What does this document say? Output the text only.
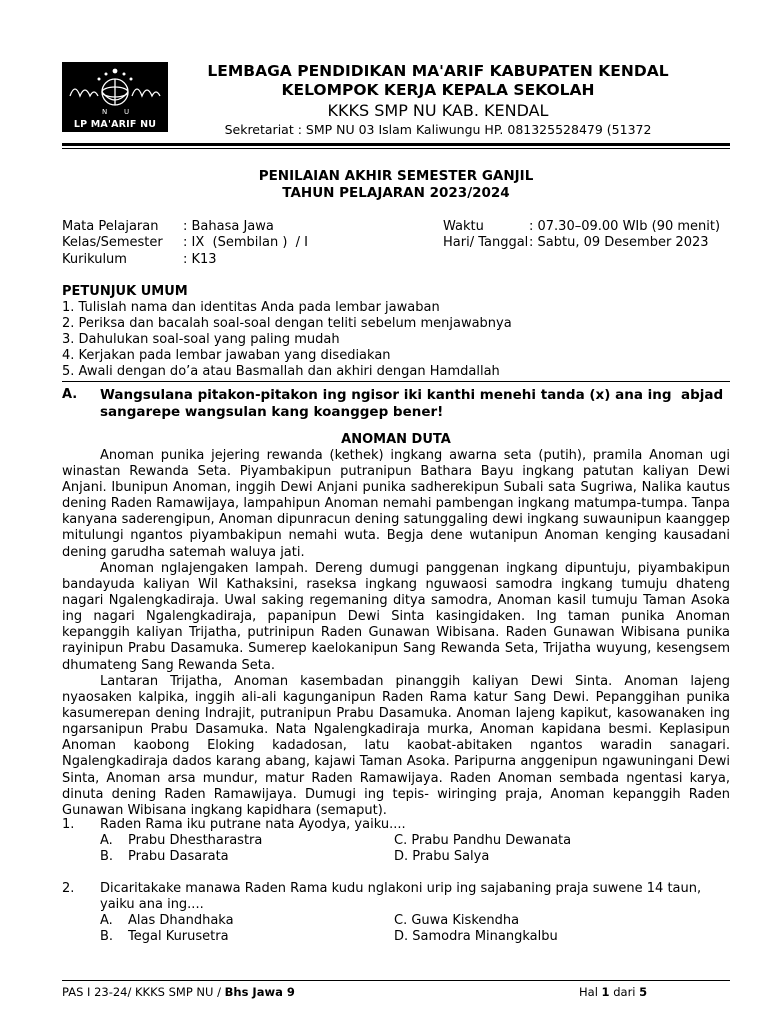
N U
LP MA'ARIF NU
LEMBAGA PENDIDIKAN MA'ARIF KABUPATEN KENDAL
KELOMPOK KERJA KEPALA SEKOLAH
KKKS SMP NU KAB. KENDAL
Sekretariat : SMP NU 03 Islam Kaliwungu HP. 081325528479 (51372
PENILAIAN AKHIR SEMESTER GANJIL
TAHUN PELAJARAN 2023/2024
Mata Pelajaran : Bahasa Jawa
Kelas/Semester : IX  (Sembilan )  / I
Kurikulum	: K13
Waktu	: 07.30–09.00 WIb (90 menit)
Hari/ Tanggal : Sabtu, 09 Desember 2023
PETUNJUK UMUM
1. Tulislah nama dan identitas Anda pada lembar jawaban
2. Periksa dan bacalah soal-soal dengan teliti sebelum menjawabnya
3. Dahulukan soal-soal yang paling mudah
4. Kerjakan pada lembar jawaban yang disediakan
5. Awali dengan do’a atau Basmallah dan akhiri dengan Hamdallah
A. Wangsulana pitakon-pitakon ing ngisor iki kanthi menehi tanda (x) ana ing  abjad
sangarepe wangsulan kang koanggep bener!
ANOMAN DUTA
Anoman punika jejering rewanda (kethek) ingkang awarna seta (putih), pramila Anoman ugi winastan Rewanda Seta. Piyambakipun putranipun Bathara Bayu ingkang patutan kaliyan Dewi Anjani. Ibunipun Anoman, inggih Dewi Anjani punika sadherekipun Subali sata Sugriwa, Nalika kautus dening Raden Ramawijaya, lampahipun Anoman nemahi pambengan ingkang matumpa-tumpa. Tanpa kanyana saderengipun, Anoman dipunracun dening satunggaling dewi ingkang suwaunipun kaanggep mitulungi ngantos piyambakipun nemahi wuta. Begja dene wutanipun Anoman kenging kausadani dening garudha satemah waluya jati.
Anoman nglajengaken lampah. Dereng dumugi panggenan ingkang dipuntuju, piyambakipun bandayuda kaliyan Wil Kathaksini, raseksa ingkang nguwaosi samodra ingkang tumuju dhateng nagari Ngalengkadiraja. Uwal saking regemaning ditya samodra, Anoman kasil tumuju Taman Asoka ing nagari Ngalengkadiraja, papanipun Dewi Sinta kasingidaken. Ing taman punika Anoman kepanggih kaliyan Trijatha, putrinipun Raden Gunawan Wibisana. Raden Gunawan Wibisana punika rayinipun Prabu Dasamuka. Sumerep kaelokanipun Sang Rewanda Seta, Trijatha wuyung, kesengsem dhumateng Sang Rewanda Seta.
Lantaran Trijatha, Anoman kasembadan pinanggih kaliyan Dewi Sinta. Anoman lajeng nyaosaken kalpika, inggih ali-ali kagunganipun Raden Rama katur Sang Dewi. Pepanggihan punika kasumerepan dening Indrajit, putranipun Prabu Dasamuka. Anoman lajeng kapikut, kasowanaken ing ngarsanipun Prabu Dasamuka. Nata Ngalengkadiraja murka, Anoman kapidana besmi. Keplasipun Anoman kaobong Eloking kadadosan, latu kaobat-abitaken ngantos waradin sanagari. Ngalengkadiraja dados karang abang, kajawi Taman Asoka. Paripurna anggenipun ngawuningani Dewi Sinta, Anoman arsa mundur, matur Raden Ramawijaya. Raden Anoman sembada ngentasi karya, dinuta dening Raden Ramawijaya. Dumugi ing tepis- wiringing praja, Anoman kepanggih Raden Gunawan Wibisana ingkang kapidhara (semaput).
1. Raden Rama iku putrane nata Ayodya, yaiku....
A. Prabu Dhestharastra
B. Prabu Dasarata
C. Prabu Pandhu Dewanata
D. Prabu Salya
2. Dicaritakake manawa Raden Rama kudu nglakoni urip ing sajabaning praja suwene 14 taun, yaiku ana ing....
A. Alas Dhandhaka
B. Tegal Kurusetra
C. Guwa Kiskendha
D. Samodra Minangkalbu
PAS I 23-24/ KKKS SMP NU / Bhs Jawa 9	Hal 1 dari 5
